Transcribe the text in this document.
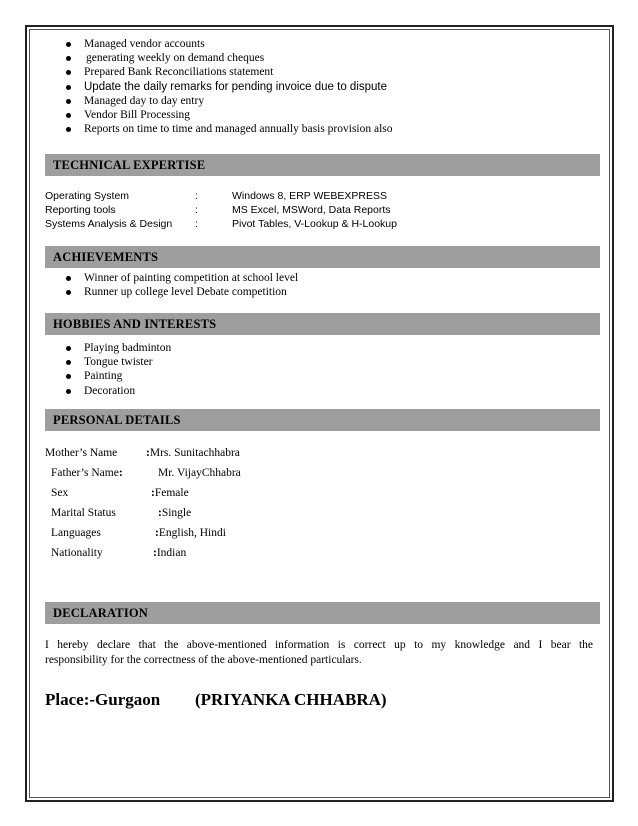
Managed vendor accounts
generating weekly on demand cheques
Prepared Bank Reconciliations statement
Update the daily remarks for pending invoice due to dispute
Managed day to day entry
Vendor Bill Processing
Reports on time to time and managed annually basis provision also
TECHNICAL EXPERTISE
Operating System	:	Windows 8, ERP WEBEXPRESS
Reporting tools	:	MS Excel, MSWord, Data Reports
Systems Analysis & Design :	Pivot Tables, V-Lookup & H-Lookup
ACHIEVEMENTS
Winner of painting competition at school level
Runner up college level Debate competition
HOBBIES AND INTERESTS
Playing badminton
Tongue twister
Painting
Decoration
PERSONAL DETAILS
Mother’s Name :Mrs. Sunitachhabra
Father’s Name:	Mr. VijayChhabra
Sex	:Female
Marital Status	:Single
Languages	:English, Hindi
Nationality	:Indian
DECLARATION
I hereby declare that the above-mentioned information is correct up to my knowledge and I bear the
responsibility for the correctness of the above-mentioned particulars.
Place:-Gurgaon (PRIYANKA CHHABRA)
